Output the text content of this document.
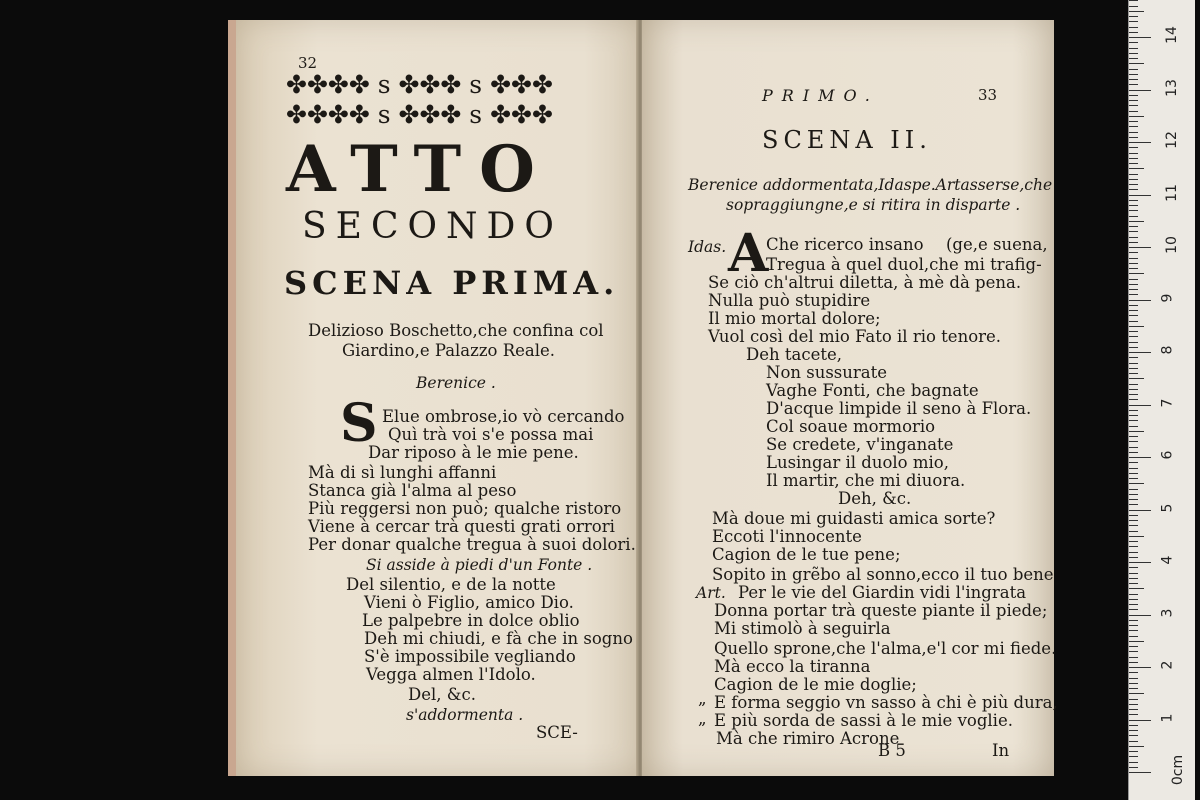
32
✤✤✤✤ s ✤✤✤ s ✤✤✤
✤✤✤✤ s ✤✤✤ s ✤✤✤
ATTO
SECONDO
SCENA PRIMA.
Delizioso Boschetto,che confina col
Giardino,e Palazzo Reale.
Berenice .
S Elue ombrose,io vò cercando
Quì trà voi s'e possa mai
Dar riposo à le mie pene.
Mà di sì lunghi affanni
Stanca già l'alma al peso
Più reggersi non può; qualche ristoro
Viene à cercar trà questi grati orrori
Per donar qualche tregua à suoi dolori.
Si asside à piedi d'un Fonte .
Del silentio, e de la notte
Vieni ò Figlio, amico Dio.
Le palpebre in dolce oblio
Deh mi chiudi, e fà che in sogno
S'è impossibile vegliando
Vegga almen l'Idolo.
Del, &c.
s'addormenta .
SCE-
PRIMO.	33
SCENA II.
Berenice addormentata,Idaspe.Artasserse,che
sopraggiungne,e si ritira in disparte .
Idas. A
Che ricerco insano (ge,e suena,
Tregua à quel duol,che mi trafig-
Se ciò ch'altrui diletta, à mè dà pena.
Nulla può stupidire
Il mio mortal dolore;
Vuol così del mio Fato il rio tenore.
Deh tacete,
Non sussurate
Vaghe Fonti, che bagnate
D'acque limpide il seno à Flora.
Col soaue mormorio
Se credete, v'inganate
Lusingar il duolo mio,
Il martir, che mi diuora.
Deh, &c.
Mà doue mi guidasti amica sorte?
Eccoti l'innocente
Cagion de le tue pene;
Sopito in grẽbo al sonno,ecco il tuo bene
Per le vie del Giardin vidi l'ingrata
Donna portar trà queste piante il piede;
Mi stimolò à seguirla
Quello sprone,che l'alma,e'l cor mi fiede.
Mà ecco la tiranna
Cagion de le mie doglie;
E forma seggio vn sasso à chi è più dura,
E più sorda de sassi à le mie voglie.
Mà che rimiro Acrone
Art.
„
„
B 5	In
0cm
1
2
3
4
5
6
7
8
9
10
11
12
13
14
